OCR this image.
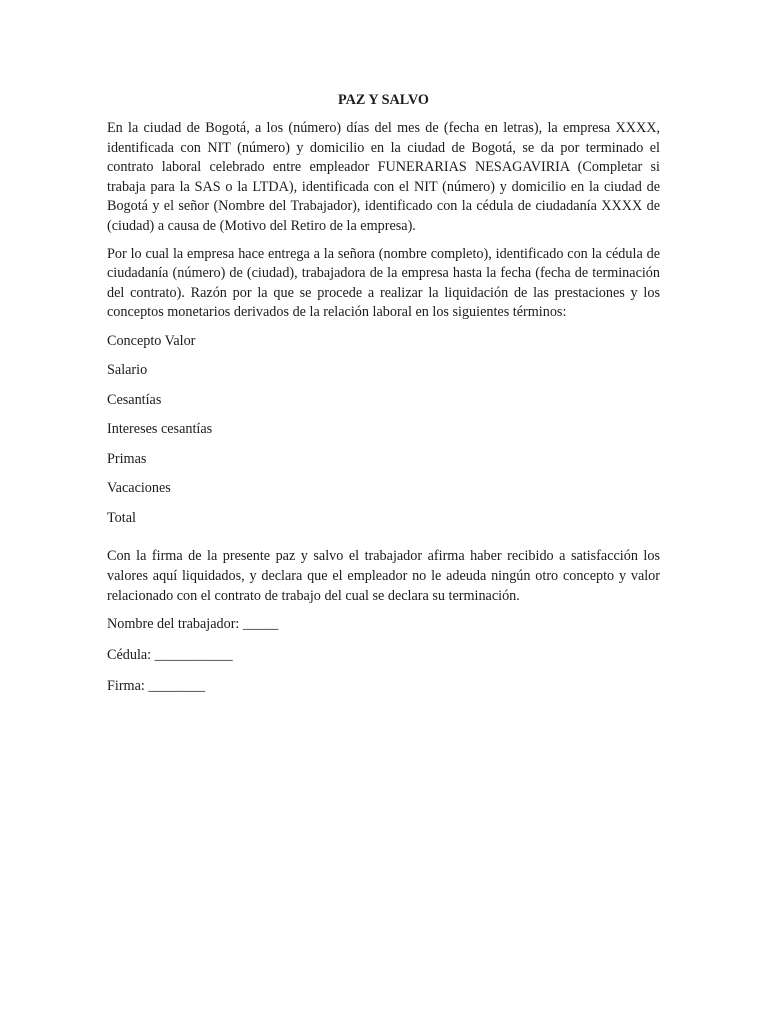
PAZ Y SALVO

En la ciudad de Bogotá, a los (número) días del mes de (fecha en letras), la empresa XXXX, identificada con NIT (número) y domicilio en la ciudad de Bogotá, se da por terminado el contrato laboral celebrado entre empleador FUNERARIAS NESAGAVIRIA (Completar si trabaja para la SAS o la LTDA), identificada con el NIT (número) y domicilio en la ciudad de Bogotá y el señor (Nombre del Trabajador), identificado con la cédula de ciudadanía XXXX de (ciudad) a causa de (Motivo del Retiro de la empresa).

Por lo cual la empresa hace entrega a la señora (nombre completo), identificado con la cédula de ciudadanía (número) de (ciudad), trabajadora de la empresa hasta la fecha (fecha de terminación del contrato). Razón por la que se procede a realizar la liquidación de las prestaciones y los conceptos monetarios derivados de la relación laboral en los siguientes términos:

Concepto Valor

Salario

Cesantías

Intereses cesantías

Primas

Vacaciones

Total

Con la firma de la presente paz y salvo el trabajador afirma haber recibido a satisfacción los valores aquí liquidados, y declara que el empleador no le adeuda ningún otro concepto y valor relacionado con el contrato de trabajo del cual se declara su terminación.

Nombre del trabajador: _____

Cédula: ___________

Firma: ________
